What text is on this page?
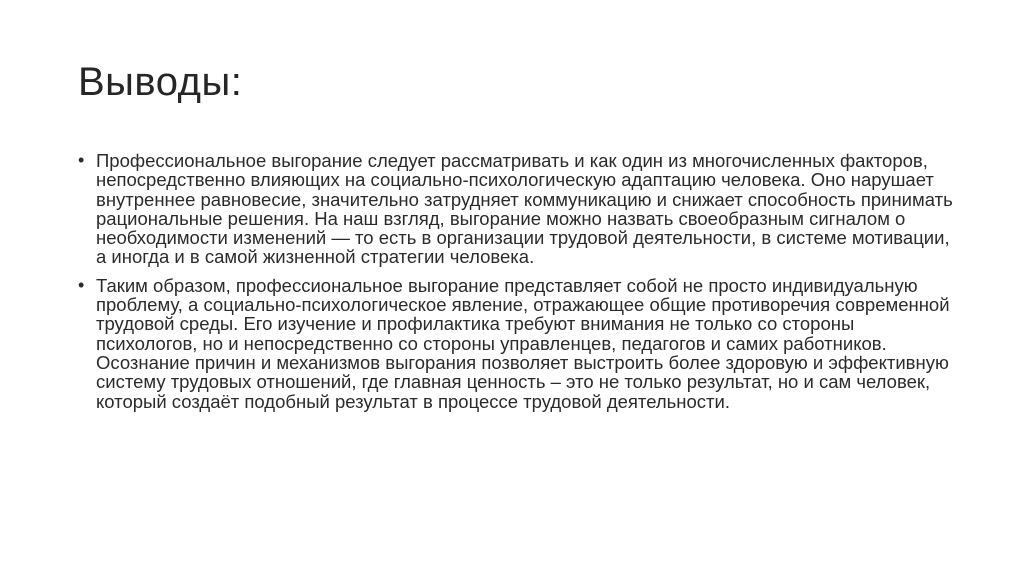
Выводы:
• Профессиональное выгорание следует рассматривать и как один из многочисленных факторов, непосредственно влияющих на социально-психологическую адаптацию человека. Оно нарушает внутреннее равновесие, значительно затрудняет коммуникацию и снижает способность принимать рациональные решения. На наш взгляд, выгорание можно назвать своеобразным сигналом о необходимости изменений — то есть в организации трудовой деятельности, в системе мотивации, а иногда и в самой жизненной стратегии человека.
• Таким образом, профессиональное выгорание представляет собой не просто индивидуальную проблему, а социально-психологическое явление, отражающее общие противоречия современной трудовой среды. Его изучение и профилактика требуют внимания не только со стороны психологов, но и непосредственно со стороны управленцев, педагогов и самих работников. Осознание причин и механизмов выгорания позволяет выстроить более здоровую и эффективную систему трудовых отношений, где главная ценность – это не только результат, но и сам человек, который создаёт подобный результат в процессе трудовой деятельности.
